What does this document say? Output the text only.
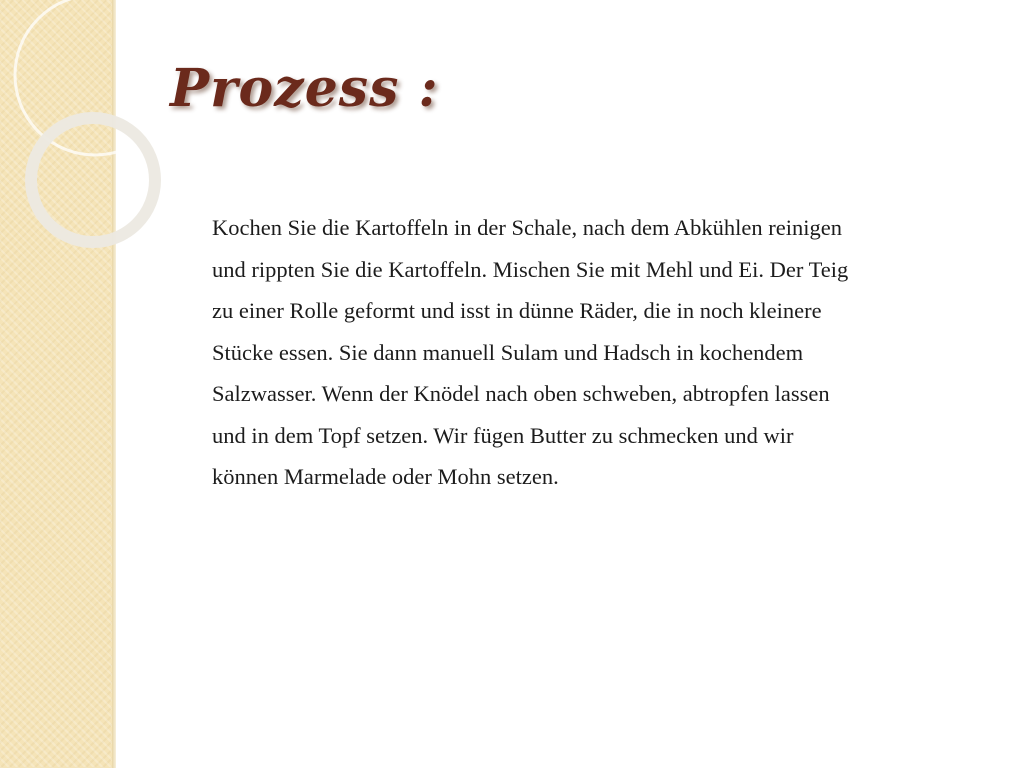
Prozess :
Kochen Sie die Kartoffeln in der Schale, nach dem Abkühlen reinigen
und rippten Sie die Kartoffeln. Mischen Sie mit Mehl und Ei. Der Teig
zu einer Rolle geformt und isst in dünne Räder, die in noch kleinere
Stücke essen. Sie dann manuell Sulam und Hadsch in kochendem
Salzwasser. Wenn der Knödel nach oben schweben, abtropfen lassen
und in dem Topf setzen. Wir fügen Butter zu schmecken und wir
können Marmelade oder Mohn setzen.
